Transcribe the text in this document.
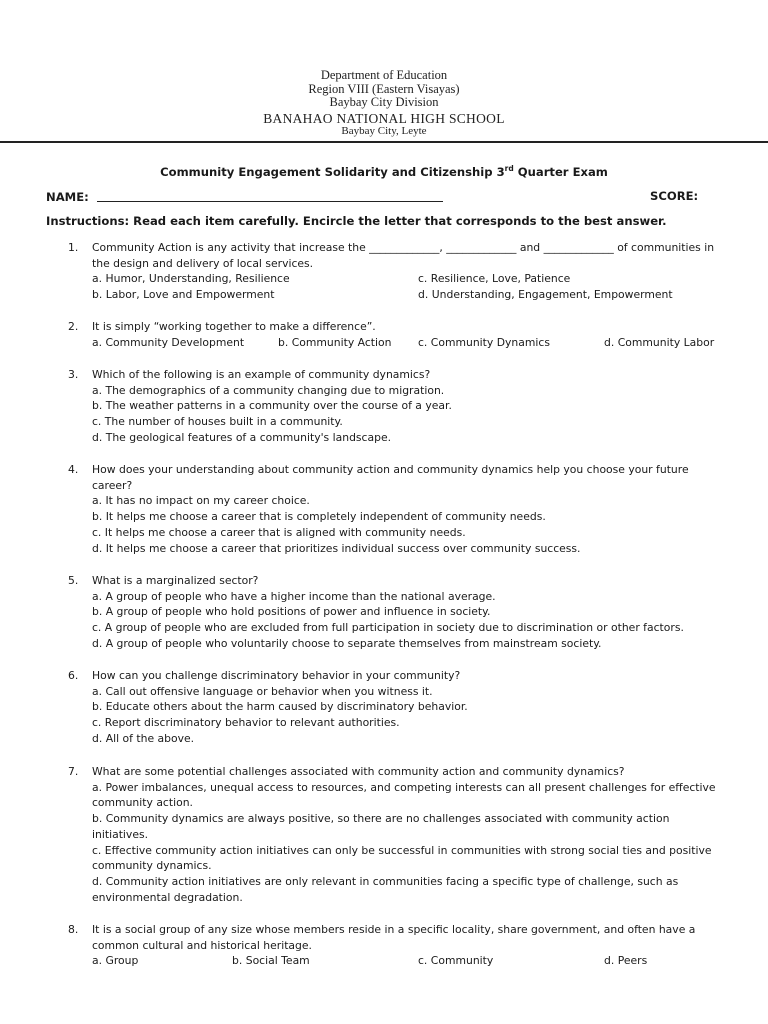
Department of Education
Region VIII (Eastern Visayas)
Baybay City Division
BANAHAO NATIONAL HIGH SCHOOL
Baybay City, Leyte
Community Engagement Solidarity and Citizenship 3rd Quarter Exam
NAME:	SCORE:
Instructions: Read each item carefully. Encircle the letter that corresponds to the best answer.
1. Community Action is any activity that increase the _____________, _____________ and _____________ of communities in the design and delivery of local services.
a. Humor, Understanding, Resilience	c. Resilience, Love, Patience
b. Labor, Love and Empowerment	d. Understanding, Engagement, Empowerment
2. It is simply “working together to make a difference”.
a. Community Development	b. Community Action c. Community Dynamics	d. Community Labor
3. Which of the following is an example of community dynamics?
a. The demographics of a community changing due to migration.
b. The weather patterns in a community over the course of a year.
c. The number of houses built in a community.
d. The geological features of a community's landscape.
4. How does your understanding about community action and community dynamics help you choose your future career?
a. It has no impact on my career choice.
b. It helps me choose a career that is completely independent of community needs.
c. It helps me choose a career that is aligned with community needs.
d. It helps me choose a career that prioritizes individual success over community success.
5. What is a marginalized sector?
a. A group of people who have a higher income than the national average.
b. A group of people who hold positions of power and influence in society.
c. A group of people who are excluded from full participation in society due to discrimination or other factors.
d. A group of people who voluntarily choose to separate themselves from mainstream society.
6. How can you challenge discriminatory behavior in your community?
a. Call out offensive language or behavior when you witness it.
b. Educate others about the harm caused by discriminatory behavior.
c. Report discriminatory behavior to relevant authorities.
d. All of the above.
7. What are some potential challenges associated with community action and community dynamics?
a. Power imbalances, unequal access to resources, and competing interests can all present challenges for effective community action.
b. Community dynamics are always positive, so there are no challenges associated with community action initiatives.
c. Effective community action initiatives can only be successful in communities with strong social ties and positive community dynamics.
d. Community action initiatives are only relevant in communities facing a specific type of challenge, such as environmental degradation.
8. It is a social group of any size whose members reside in a specific locality, share government, and often have a common cultural and historical heritage.
a. Group	b. Social Team	c. Community	d. Peers
